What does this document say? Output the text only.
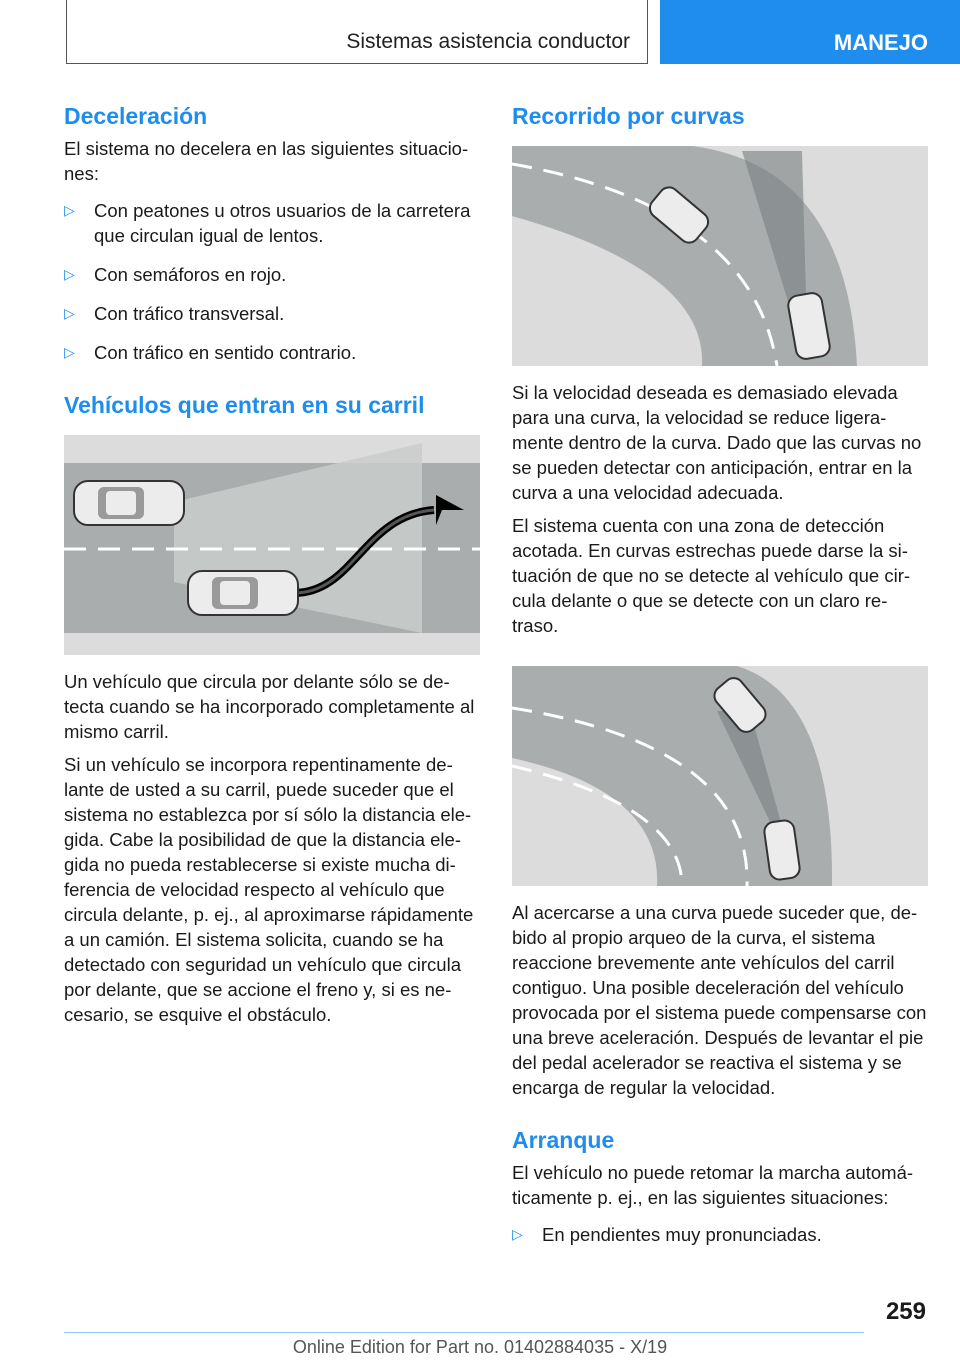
Sistemas asistencia conductor	MANEJO
Deceleración

El sistema no decelera en las siguientes situacio-nes:

▷ Con peatones u otros usuarios de la carretera que circulan igual de lentos.
▷ Con semáforos en rojo.
▷ Con tráfico transversal.
▷ Con tráfico en sentido contrario.
Vehículos que entran en su carril

Un vehículo que circula por delante sólo se de-tecta cuando se ha incorporado completamente al mismo carril.

Si un vehículo se incorpora repentinamente de-lante de usted a su carril, puede suceder que el sistema no establezca por sí sólo la distancia ele-gida. Cabe la posibilidad de que la distancia ele-gida no pueda restablecerse si existe mucha di-ferencia de velocidad respecto al vehículo que circula delante, p. ej., al aproximarse rápidamente a un camión. El sistema solicita, cuando se ha detectado con seguridad un vehículo que circula por delante, que se accione el freno y, si es ne-cesario, se esquive el obstáculo.

Recorrido por curvas

Si la velocidad deseada es demasiado elevada para una curva, la velocidad se reduce ligera-mente dentro de la curva. Dado que las curvas no se pueden detectar con anticipación, entrar en la curva a una velocidad adecuada.

El sistema cuenta con una zona de detección acotada. En curvas estrechas puede darse la si-tuación de que no se detecte al vehículo que cir-cula delante o que se detecte con un claro re-traso.

Al acercarse a una curva puede suceder que, de-bido al propio arqueo de la curva, el sistema reaccione brevemente ante vehículos del carril contiguo. Una posible deceleración del vehículo provocada por el sistema puede compensarse con una breve aceleración. Después de levantar el pie del pedal acelerador se reactiva el sistema y se encarga de regular la velocidad.

Arranque

El vehículo no puede retomar la marcha automá-ticamente p. ej., en las siguientes situaciones:

▷ En pendientes muy pronunciadas.
259
Online Edition for Part no. 01402884035 - X/19
